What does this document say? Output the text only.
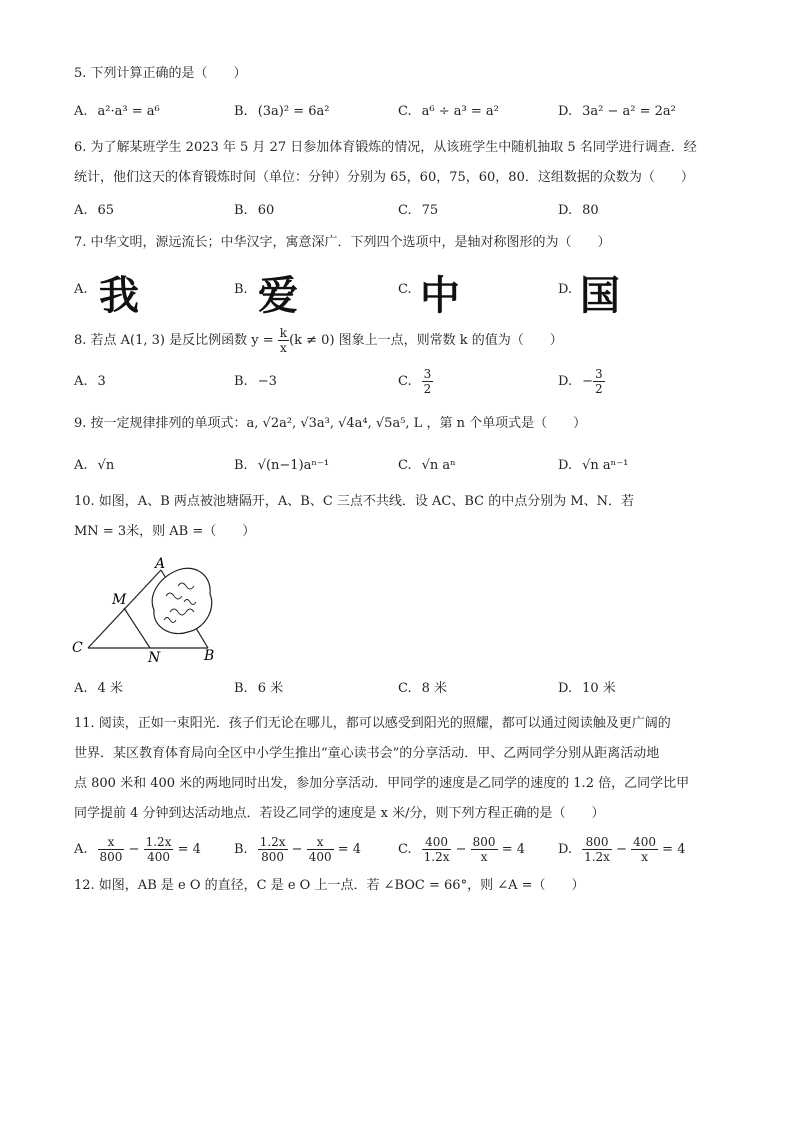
5. 下列计算正确的是（　　）
A. a²·a³ = a⁶	B. (3a)² = 6a²	C. a⁶ ÷ a³ = a²	D. 3a² − a² = 2a²
6. 为了解某班学生 2023 年 5 月 27 日参加体育锻炼的情况，从该班学生中随机抽取 5 名同学进行调查．经
统计，他们这天的体育锻炼时间（单位：分钟）分别为 65，60，75，60，80．这组数据的众数为（　　）
A. 65	B. 60	C. 75	D. 80
7. 中华文明，源远流长；中华汉字，寓意深广．下列四个选项中，是轴对称图形的为（　　）
A. 我	B. 爱	C. 中	D. 国
8. 若点 A(1, 3) 是反比例函数 $y = \frac{k}{x} (k \ne 0)$ 图象上一点，则常数 k 的值为（　　）
A. 3	B. −3	C. $\frac{3}{2}$	D. − $\frac{3}{2}$
9. 按一定规律排列的单项式：a, √2a², √3a³, √4a⁴, √5a⁵, L ，第 n 个单项式是（　　）
A. √n	B. √(n−1)aⁿ⁻¹	C. √n aⁿ	D. √n aⁿ⁻¹
10. 如图，A、B 两点被池塘隔开，A、B、C 三点不共线．设 AC、BC 的中点分别为 M、N．若
MN = 3米，则 AB =（　　）
A
M
C
N	B
A. 4 米	B. 6 米	C. 8 米	D. 10 米
11. 阅读，正如一束阳光．孩子们无论在哪儿，都可以感受到阳光的照耀，都可以通过阅读触及更广阔的
世界．某区教育体育局向全区中小学生推出“童心读书会”的分享活动．甲、乙两同学分别从距离活动地
点 800 米和 400 米的两地同时出发，参加分享活动．甲同学的速度是乙同学的速度的 1.2 倍，乙同学比甲
同学提前 4 分钟到达活动地点．若设乙同学的速度是 x 米/分，则下列方程正确的是（　　）
A. $\frac{x}{800} - \frac{1.2x}{400} = 4$	B. $\frac{1.2x}{800} - \frac{x}{400} = 4$	C. $\frac{400}{1.2x} - \frac{800}{x} = 4$	D. $\frac{800}{1.2x} - \frac{400}{x} = 4$
12. 如图，AB 是 e O 的直径，C 是 e O 上一点．若 ∠BOC = 66°，则 ∠A =（　　）
